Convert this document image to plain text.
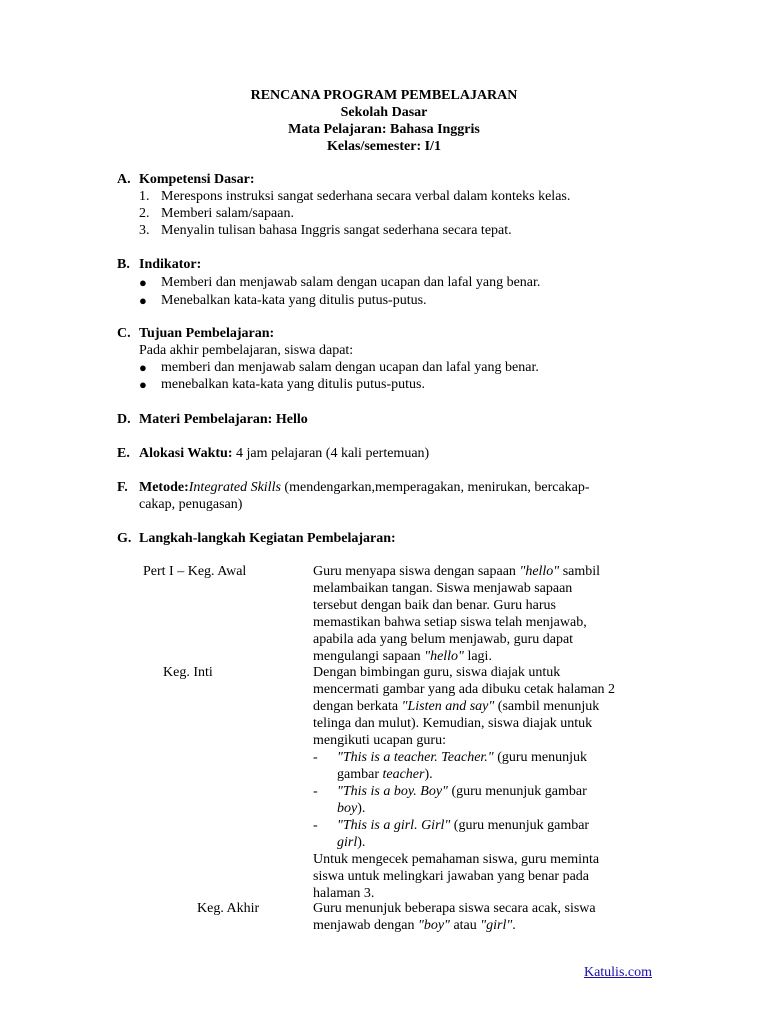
RENCANA PROGRAM PEMBELAJARAN
Sekolah Dasar
Mata Pelajaran: Bahasa Inggris
Kelas/semester: I/1
A. Kompetensi Dasar:
1. Merespons instruksi sangat sederhana secara verbal dalam konteks kelas.
2. Memberi salam/sapaan.
3. Menyalin tulisan bahasa Inggris sangat sederhana secara tepat.
B. Indikator:
● Memberi dan menjawab salam dengan ucapan dan lafal yang benar.
● Menebalkan kata-kata yang ditulis putus-putus.
C. Tujuan Pembelajaran:
Pada akhir pembelajaran, siswa dapat:
● memberi dan menjawab salam dengan ucapan dan lafal yang benar.
● menebalkan kata-kata yang ditulis putus-putus.
D. Materi Pembelajaran: Hello
E. Alokasi Waktu: 4 jam pelajaran (4 kali pertemuan)
F. Metode:Integrated Skills (mendengarkan,memperagakan, menirukan, bercakap-
cakap, penugasan)
G. Langkah-langkah Kegiatan Pembelajaran:
Pert I – Keg. Awal	Guru menyapa siswa dengan sapaan "hello" sambil
melambaikan tangan. Siswa menjawab sapaan
tersebut dengan baik dan benar. Guru harus
memastikan bahwa setiap siswa telah menjawab,
apabila ada yang belum menjawab, guru dapat
mengulangi sapaan "hello" lagi.
Keg. Inti	Dengan bimbingan guru, siswa diajak untuk
mencermati gambar yang ada dibuku cetak halaman 2
dengan berkata "Listen and say" (sambil menunjuk
telinga dan mulut). Kemudian, siswa diajak untuk
mengikuti ucapan guru:
- "This is a teacher. Teacher." (guru menunjuk
gambar teacher).
- "This is a boy. Boy" (guru menunjuk gambar
boy).
- "This is a girl. Girl" (guru menunjuk gambar
girl).
Untuk mengecek pemahaman siswa, guru meminta
siswa untuk melingkari jawaban yang benar pada
halaman 3.
Keg. Akhir	Guru menunjuk beberapa siswa secara acak, siswa
menjawab dengan "boy" atau "girl".
Katulis.com
